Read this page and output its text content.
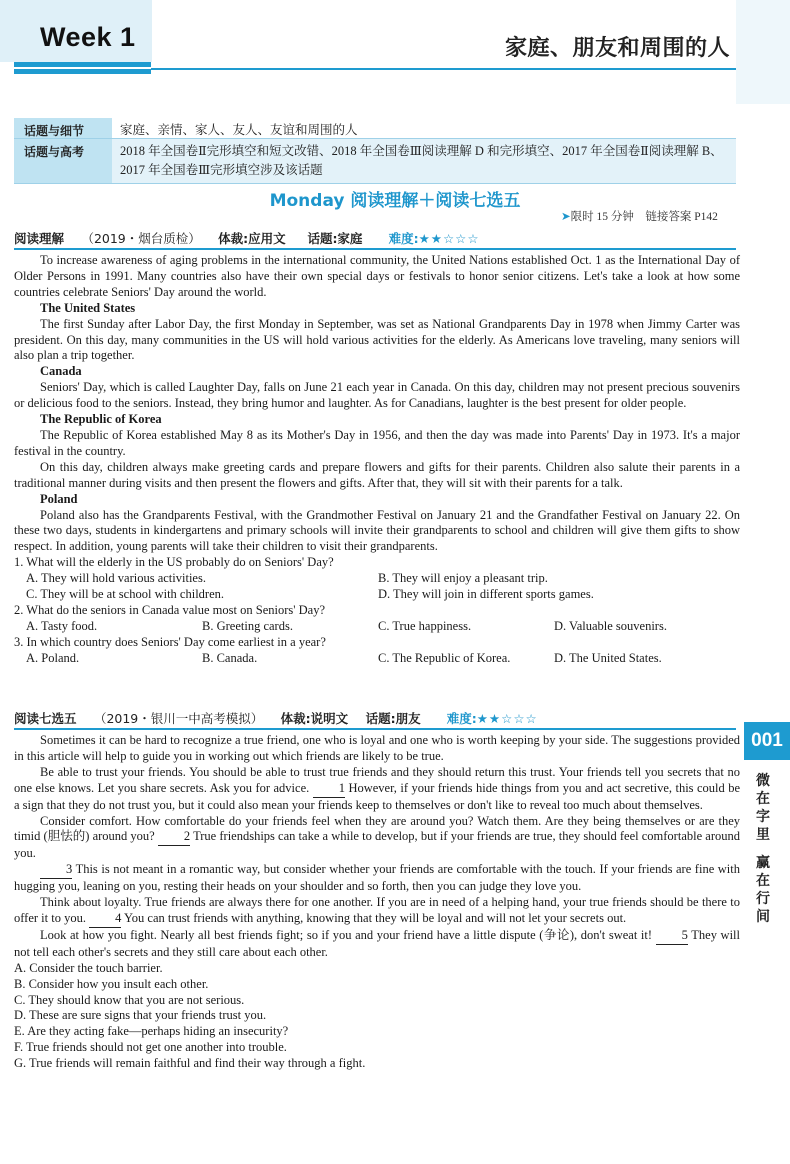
Week 1	家庭、朋友和周围的人
话题与细节	家庭、亲情、家人、友人、友谊和周围的人
话题与高考	2018 年全国卷Ⅱ完形填空和短文改错、2018 年全国卷Ⅲ阅读理解 D 和完形填空、2017 年全国卷Ⅱ阅读理解 B、2017 年全国卷Ⅲ完形填空涉及该话题
Monday 阅读理解＋阅读七选五
➤限时 15 分钟　链接答案 P142
阅读理解 （2019・烟台质检） 体裁:应用文 话题:家庭 难度:★★☆☆☆

To increase awareness of aging problems in the international community, the United Nations established Oct. 1 as the International Day of Older Persons in 1991. Many countries also have their own special days or festivals to honor senior citizens. Let's take a look at how some countries celebrate Seniors' Day around the world.

The United States

The first Sunday after Labor Day, the first Monday in September, was set as National Grandparents Day in 1978 when Jimmy Carter was president. On this day, many communities in the US will hold various activities for the elderly. As Americans love traveling, many seniors will also plan a trip together.

Canada

Seniors' Day, which is called Laughter Day, falls on June 21 each year in Canada. On this day, children may not present precious souvenirs or delicious food to the seniors. Instead, they bring humor and laughter. As for Canadians, laughter is the best present for older people.

The Republic of Korea

The Republic of Korea established May 8 as its Mother's Day in 1956, and then the day was made into Parents' Day in 1973. It's a major festival in the country.

On this day, children always make greeting cards and prepare flowers and gifts for their parents. Children also salute their parents in a traditional manner during visits and then present the flowers and gifts. After that, they will sit with their parents for a talk.

Poland

Poland also has the Grandparents Festival, with the Grandmother Festival on January 21 and the Grandfather Festival on January 22. On these two days, students in kindergartens and primary schools will invite their grandparents to school and children will give them gifts to show respect. In addition, young parents will take their children to visit their grandparents.

1. What will the elderly in the US probably do on Seniors' Day?

A. They will hold various activities.	B. They will enjoy a pleasant trip.
C. They will be at school with children.	D. They will join in different sports games.

2. What do the seniors in Canada value most on Seniors' Day?

A. Tasty food.	B. Greeting cards.	C. True happiness.	D. Valuable souvenirs.

3. In which country does Seniors' Day come earliest in a year?

A. Poland.	B. Canada.	C. The Republic of Korea.	D. The United States.
阅读七选五 （2019・银川一中高考模拟） 体裁:说明文 话题:朋友 难度:★★☆☆☆

Sometimes it can be hard to recognize a true friend, one who is loyal and one who is worth keeping by your side. The suggestions provided in this article will help to guide you in working out which friends are likely to be true.

Be able to trust your friends. You should be able to trust true friends and they should return this trust. Your friends tell you secrets that no one else knows. Let you share secrets. Ask you for advice. 1 However, if your friends hide things from you and act secretive, this could be a sign that they do not trust you, but it could also mean your friends keep to themselves or don't like to reveal too much about themselves.

Consider comfort. How comfortable do your friends feel when they are around you? Watch them. Are they being themselves or are they timid (胆怯的) around you? 2 True friendships can take a while to develop, but if your friends are true, they should feel comfortable around you.

3 This is not meant in a romantic way, but consider whether your friends are comfortable with the touch. If your friends are fine with hugging you, leaning on you, resting their heads on your shoulder and so forth, then you can judge they love you.

Think about loyalty. True friends are always there for one another. If you are in need of a helping hand, your true friends should be there to offer it to you. 4 You can trust friends with anything, knowing that they will be loyal and will not let your secrets out.

Look at how you fight. Nearly all best friends fight; so if you and your friend have a little dispute (争论), don't sweat it! 5 They will not tell each other's secrets and they still care about each other.

A. Consider the touch barrier.

B. Consider how you insult each other.

C. They should know that you are not serious.

D. These are sure signs that your friends trust you.

E. Are they acting fake—perhaps hiding an insecurity?

F. True friends should not get one another into trouble.

G. True friends will remain faithful and find their way through a fight.

001
微在字里
赢在行间
